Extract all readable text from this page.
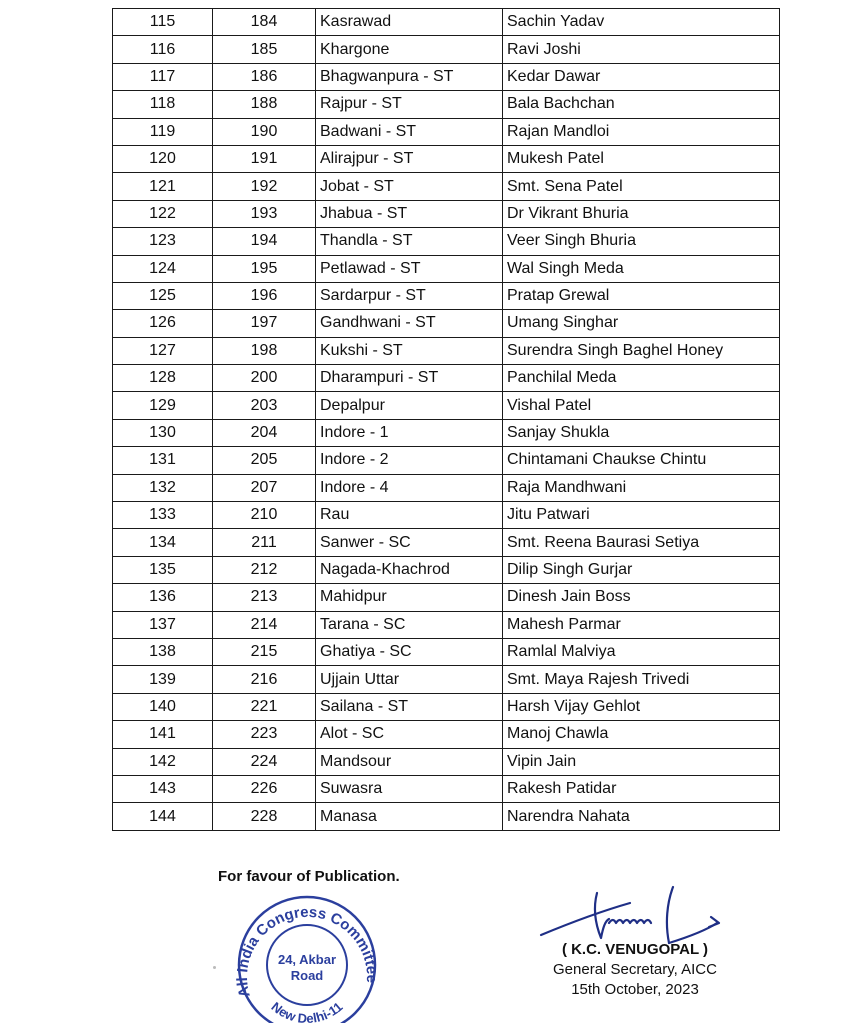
115	184	Kasrawad	Sachin Yadav
116	185	Khargone	Ravi Joshi
117	186	Bhagwanpura - ST	Kedar Dawar
118	188	Rajpur - ST	Bala Bachchan
119	190	Badwani - ST	Rajan Mandloi
120	191	Alirajpur - ST	Mukesh Patel
121	192	Jobat - ST	Smt. Sena Patel
122	193	Jhabua - ST	Dr Vikrant Bhuria
123	194	Thandla - ST	Veer Singh Bhuria
124	195	Petlawad - ST	Wal Singh Meda
125	196	Sardarpur - ST	Pratap Grewal
126	197	Gandhwani - ST	Umang Singhar
127	198	Kukshi - ST	Surendra Singh Baghel Honey
128	200	Dharampuri - ST	Panchilal Meda
129	203	Depalpur	Vishal Patel
130	204	Indore - 1	Sanjay Shukla
131	205	Indore - 2	Chintamani Chaukse Chintu
132	207	Indore - 4	Raja Mandhwani
133	210	Rau	Jitu Patwari
134	211	Sanwer - SC	Smt. Reena Baurasi Setiya
135	212	Nagada-Khachrod	Dilip Singh Gurjar
136	213	Mahidpur	Dinesh Jain Boss
137	214	Tarana - SC	Mahesh Parmar
138	215	Ghatiya - SC	Ramlal Malviya
139	216	Ujjain Uttar	Smt. Maya Rajesh Trivedi
140	221	Sailana - ST	Harsh Vijay Gehlot
141	223	Alot - SC	Manoj Chawla
142	224	Mandsour	Vipin Jain
143	226	Suwasra	Rakesh Patidar
144	228	Manasa	Narendra Nahata
For favour of Publication.
All India Congress Committee
24, Akbar
Road
New Delhi-11
( K.C. VENUGOPAL )
General Secretary, AICC
15th October, 2023
